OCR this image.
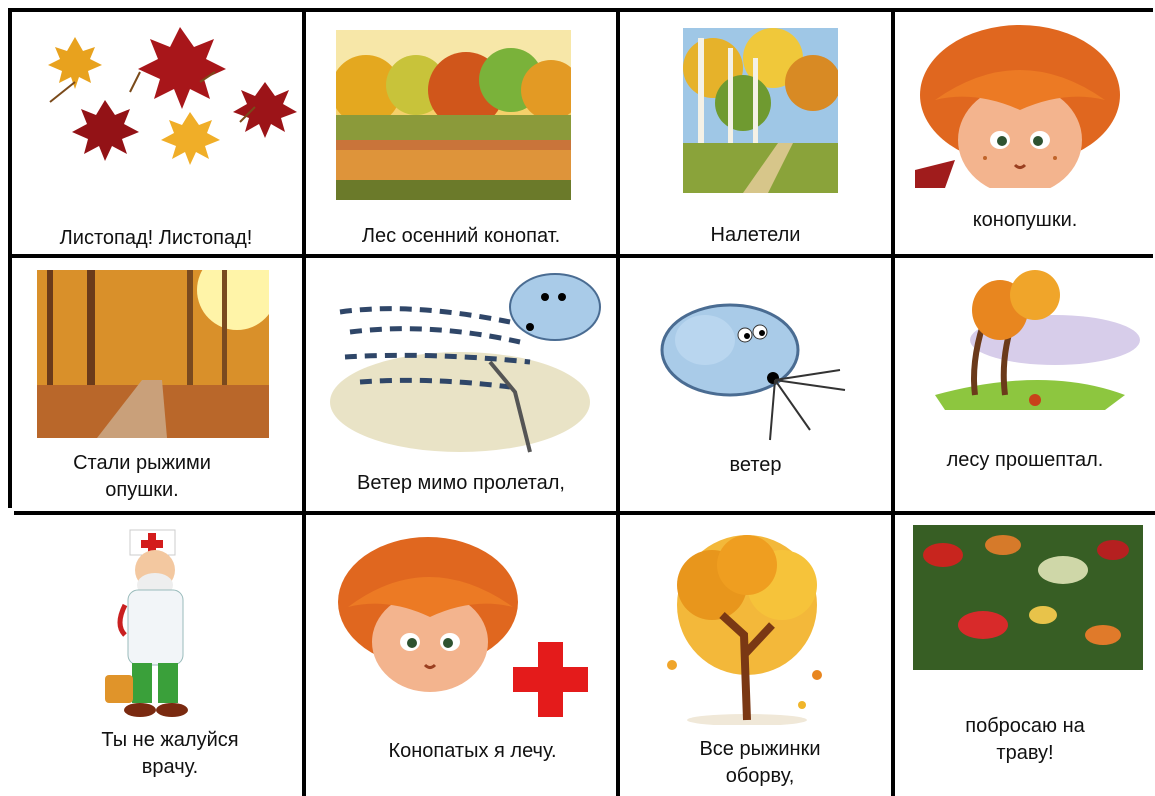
Листопад! Листопад!	Лес осенний конопат.	Налетели
конопушки.
Стали рыжими
опушки.	Ветер мимо пролетал,
ветер	лесу прошептал.
Ты не жалуйся
врачу.
Конопатых я лечу.	Все рыжинки
оборву,
побросаю на
траву!
